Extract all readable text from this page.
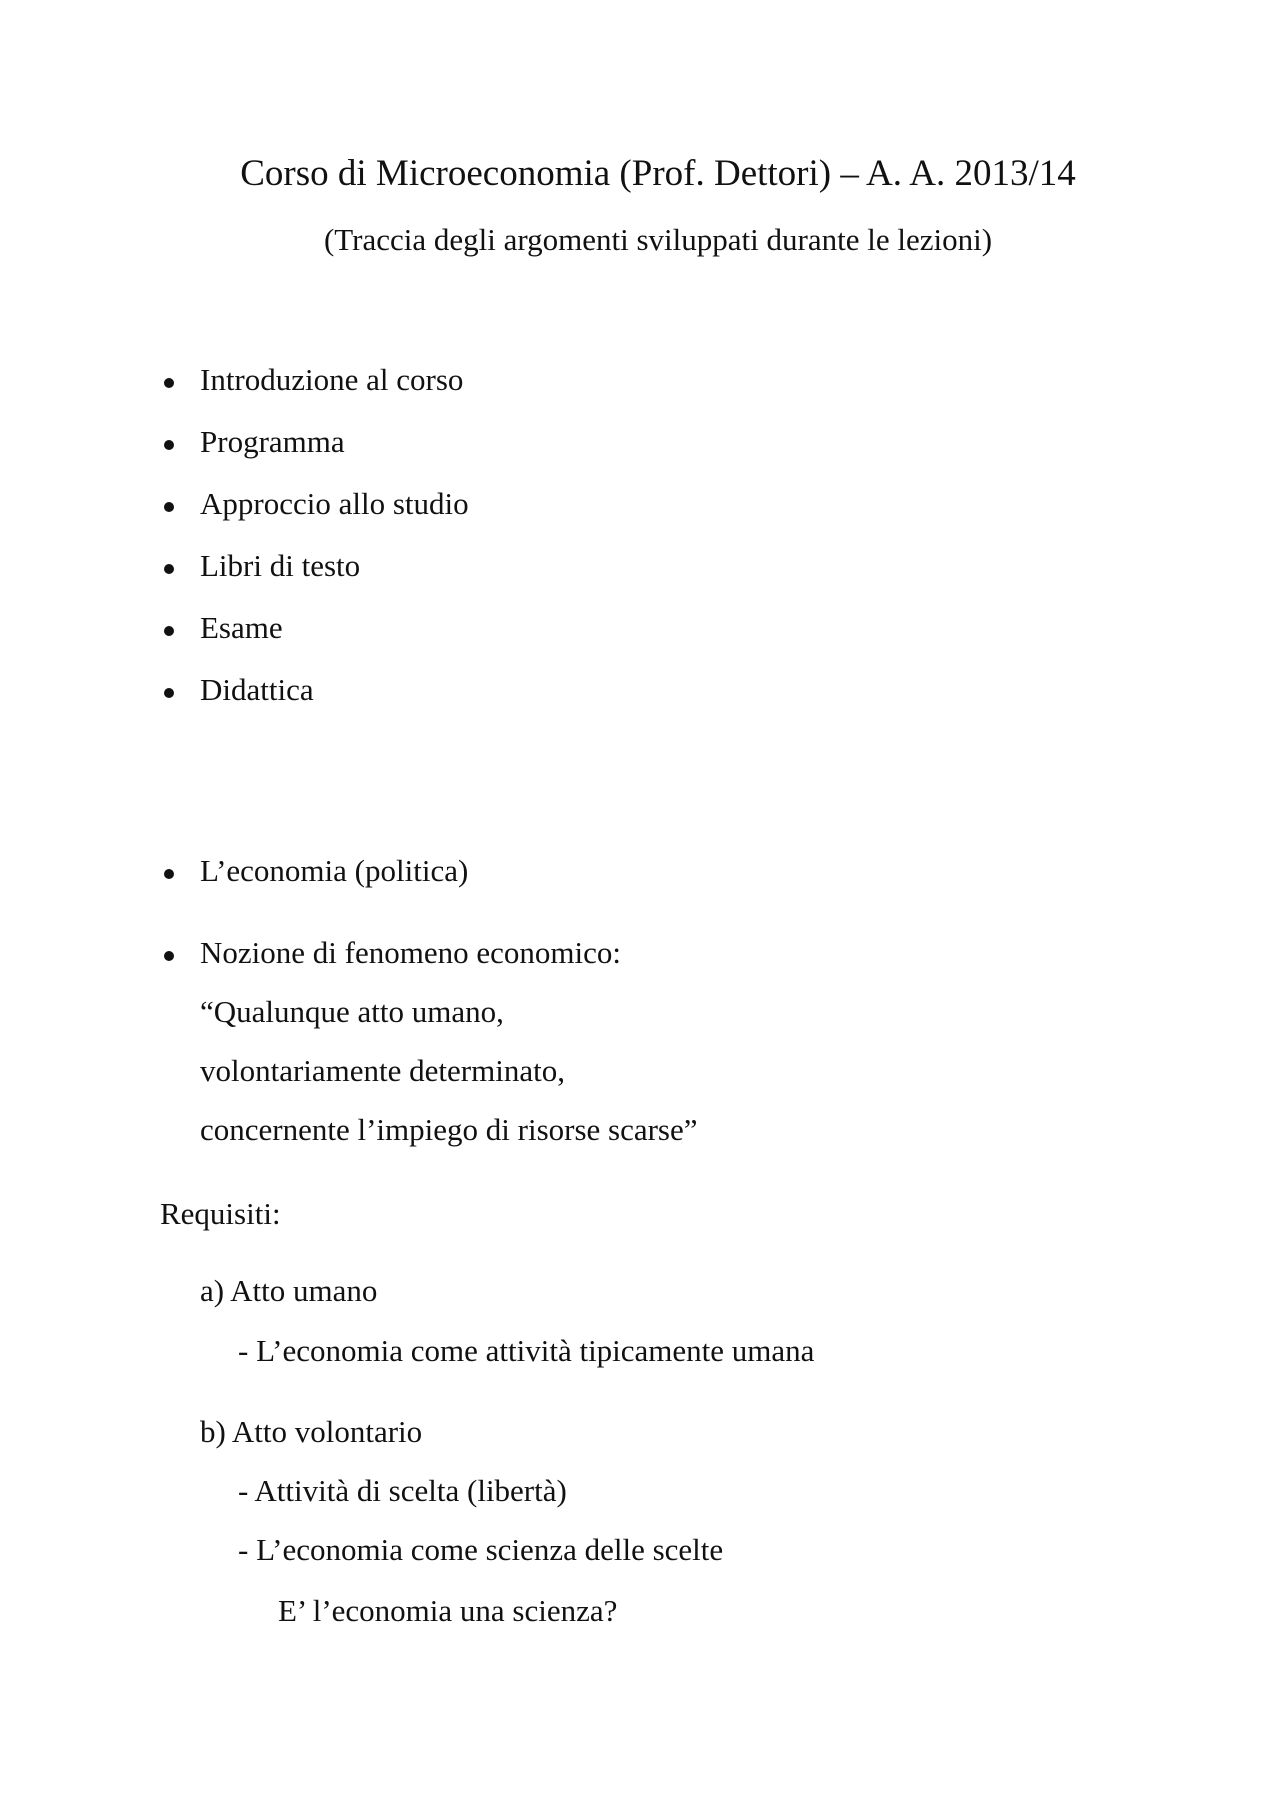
Corso di Microeconomia (Prof. Dettori) – A. A. 2013/14
(Traccia degli argomenti sviluppati durante le lezioni)
Introduzione al corso
Programma
Approccio allo studio
Libri di testo
Esame
Didattica
L’economia (politica)
Nozione di fenomeno economico:
“Qualunque atto umano,
volontariamente determinato,
concernente l’impiego di risorse scarse”
Requisiti:
a) Atto umano
- L’economia come attività tipicamente umana
b) Atto volontario
- Attività di scelta (libertà)
- L’economia come scienza delle scelte
E’ l’economia una scienza?
